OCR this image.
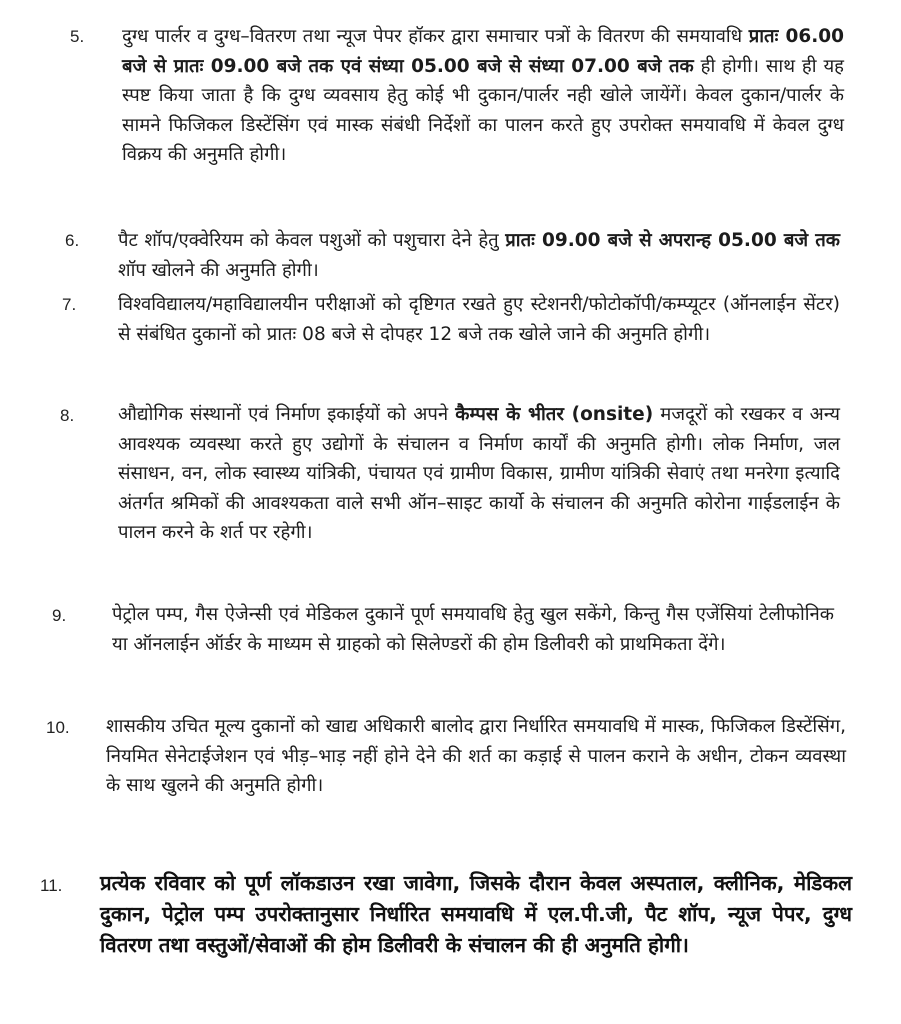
5. दुग्ध पार्लर व दुग्ध–वितरण तथा न्यूज पेपर हॉकर द्वारा समाचार पत्रों के वितरण की समयावधि प्रातः 06.00 बजे से प्रातः 09.00 बजे तक एवं संध्या 05.00 बजे से संध्या 07.00 बजे तक ही होगी। साथ ही यह स्पष्ट किया जाता है कि दुग्ध व्यवसाय हेतु कोई भी दुकान/पार्लर नही खोले जायेंगें। केवल दुकान/पार्लर के सामने फिजिकल डिस्टेंसिंग एवं मास्क संबंधी निर्देशों का पालन करते हुए उपरोक्त समयावधि में केवल दुग्ध विक्रय की अनुमति होगी।

6. पैट शॉप/एक्वेरियम को केवल पशुओं को पशुचारा देने हेतु प्रातः 09.00 बजे से अपरान्ह 05.00 बजे तक शॉप खोलने की अनुमति होगी।

7. विश्वविद्यालय/महाविद्यालयीन परीक्षाओं को दृष्टिगत रखते हुए स्टेशनरी/फोटोकॉपी/कम्प्यूटर (ऑनलाईन सेंटर) से संबंधित दुकानों को प्रातः 08 बजे से दोपहर 12 बजे तक खोले जाने की अनुमति होगी।

8. औद्योगिक संस्थानों एवं निर्माण इकाईयों को अपने कैम्पस के भीतर (onsite) मजदूरों को रखकर व अन्य आवश्यक व्यवस्था करते हुए उद्योगों के संचालन व निर्माण कार्यों की अनुमति होगी। लोक निर्माण, जल संसाधन, वन, लोक स्वास्थ्य यांत्रिकी, पंचायत एवं ग्रामीण विकास, ग्रामीण यांत्रिकी सेवाएं तथा मनरेगा इत्यादि अंतर्गत श्रमिकों की आवश्यकता वाले सभी ऑन–साइट कार्यो के संचालन की अनुमति कोरोना गाईडलाईन के पालन करने के शर्त पर रहेगी।

9. पेट्रोल पम्प, गैस ऐजेन्सी एवं मेडिकल दुकानें पूर्ण समयावधि हेतु खुल सकेंगे, किन्तु गैस एजेंसियां टेलीफोनिक या ऑनलाईन ऑर्डर के माध्यम से ग्राहको को सिलेण्डरों की होम डिलीवरी को प्राथमिकता देंगे।

10. शासकीय उचित मूल्य दुकानों को खाद्य अधिकारी बालोद द्वारा निर्धारित समयावधि में मास्क, फिजिकल डिस्टेंसिंग, नियमित सेनेटाईजेशन एवं भीड़–भाड़ नहीं होने देने की शर्त का कड़ाई से पालन कराने के अधीन, टोकन व्यवस्था के साथ खुलने की अनुमति होगी।

11. प्रत्येक रविवार को पूर्ण लॉकडाउन रखा जावेगा, जिसके दौरान केवल अस्पताल, क्लीनिक, मेडिकल दुकान, पेट्रोल पम्प उपरोक्तानुसार निर्धारित समयावधि में एल.पी.जी, पैट शॉप, न्यूज पेपर, दुग्ध वितरण तथा वस्तुओं/सेवाओं की होम डिलीवरी के संचालन की ही अनुमति होगी।
